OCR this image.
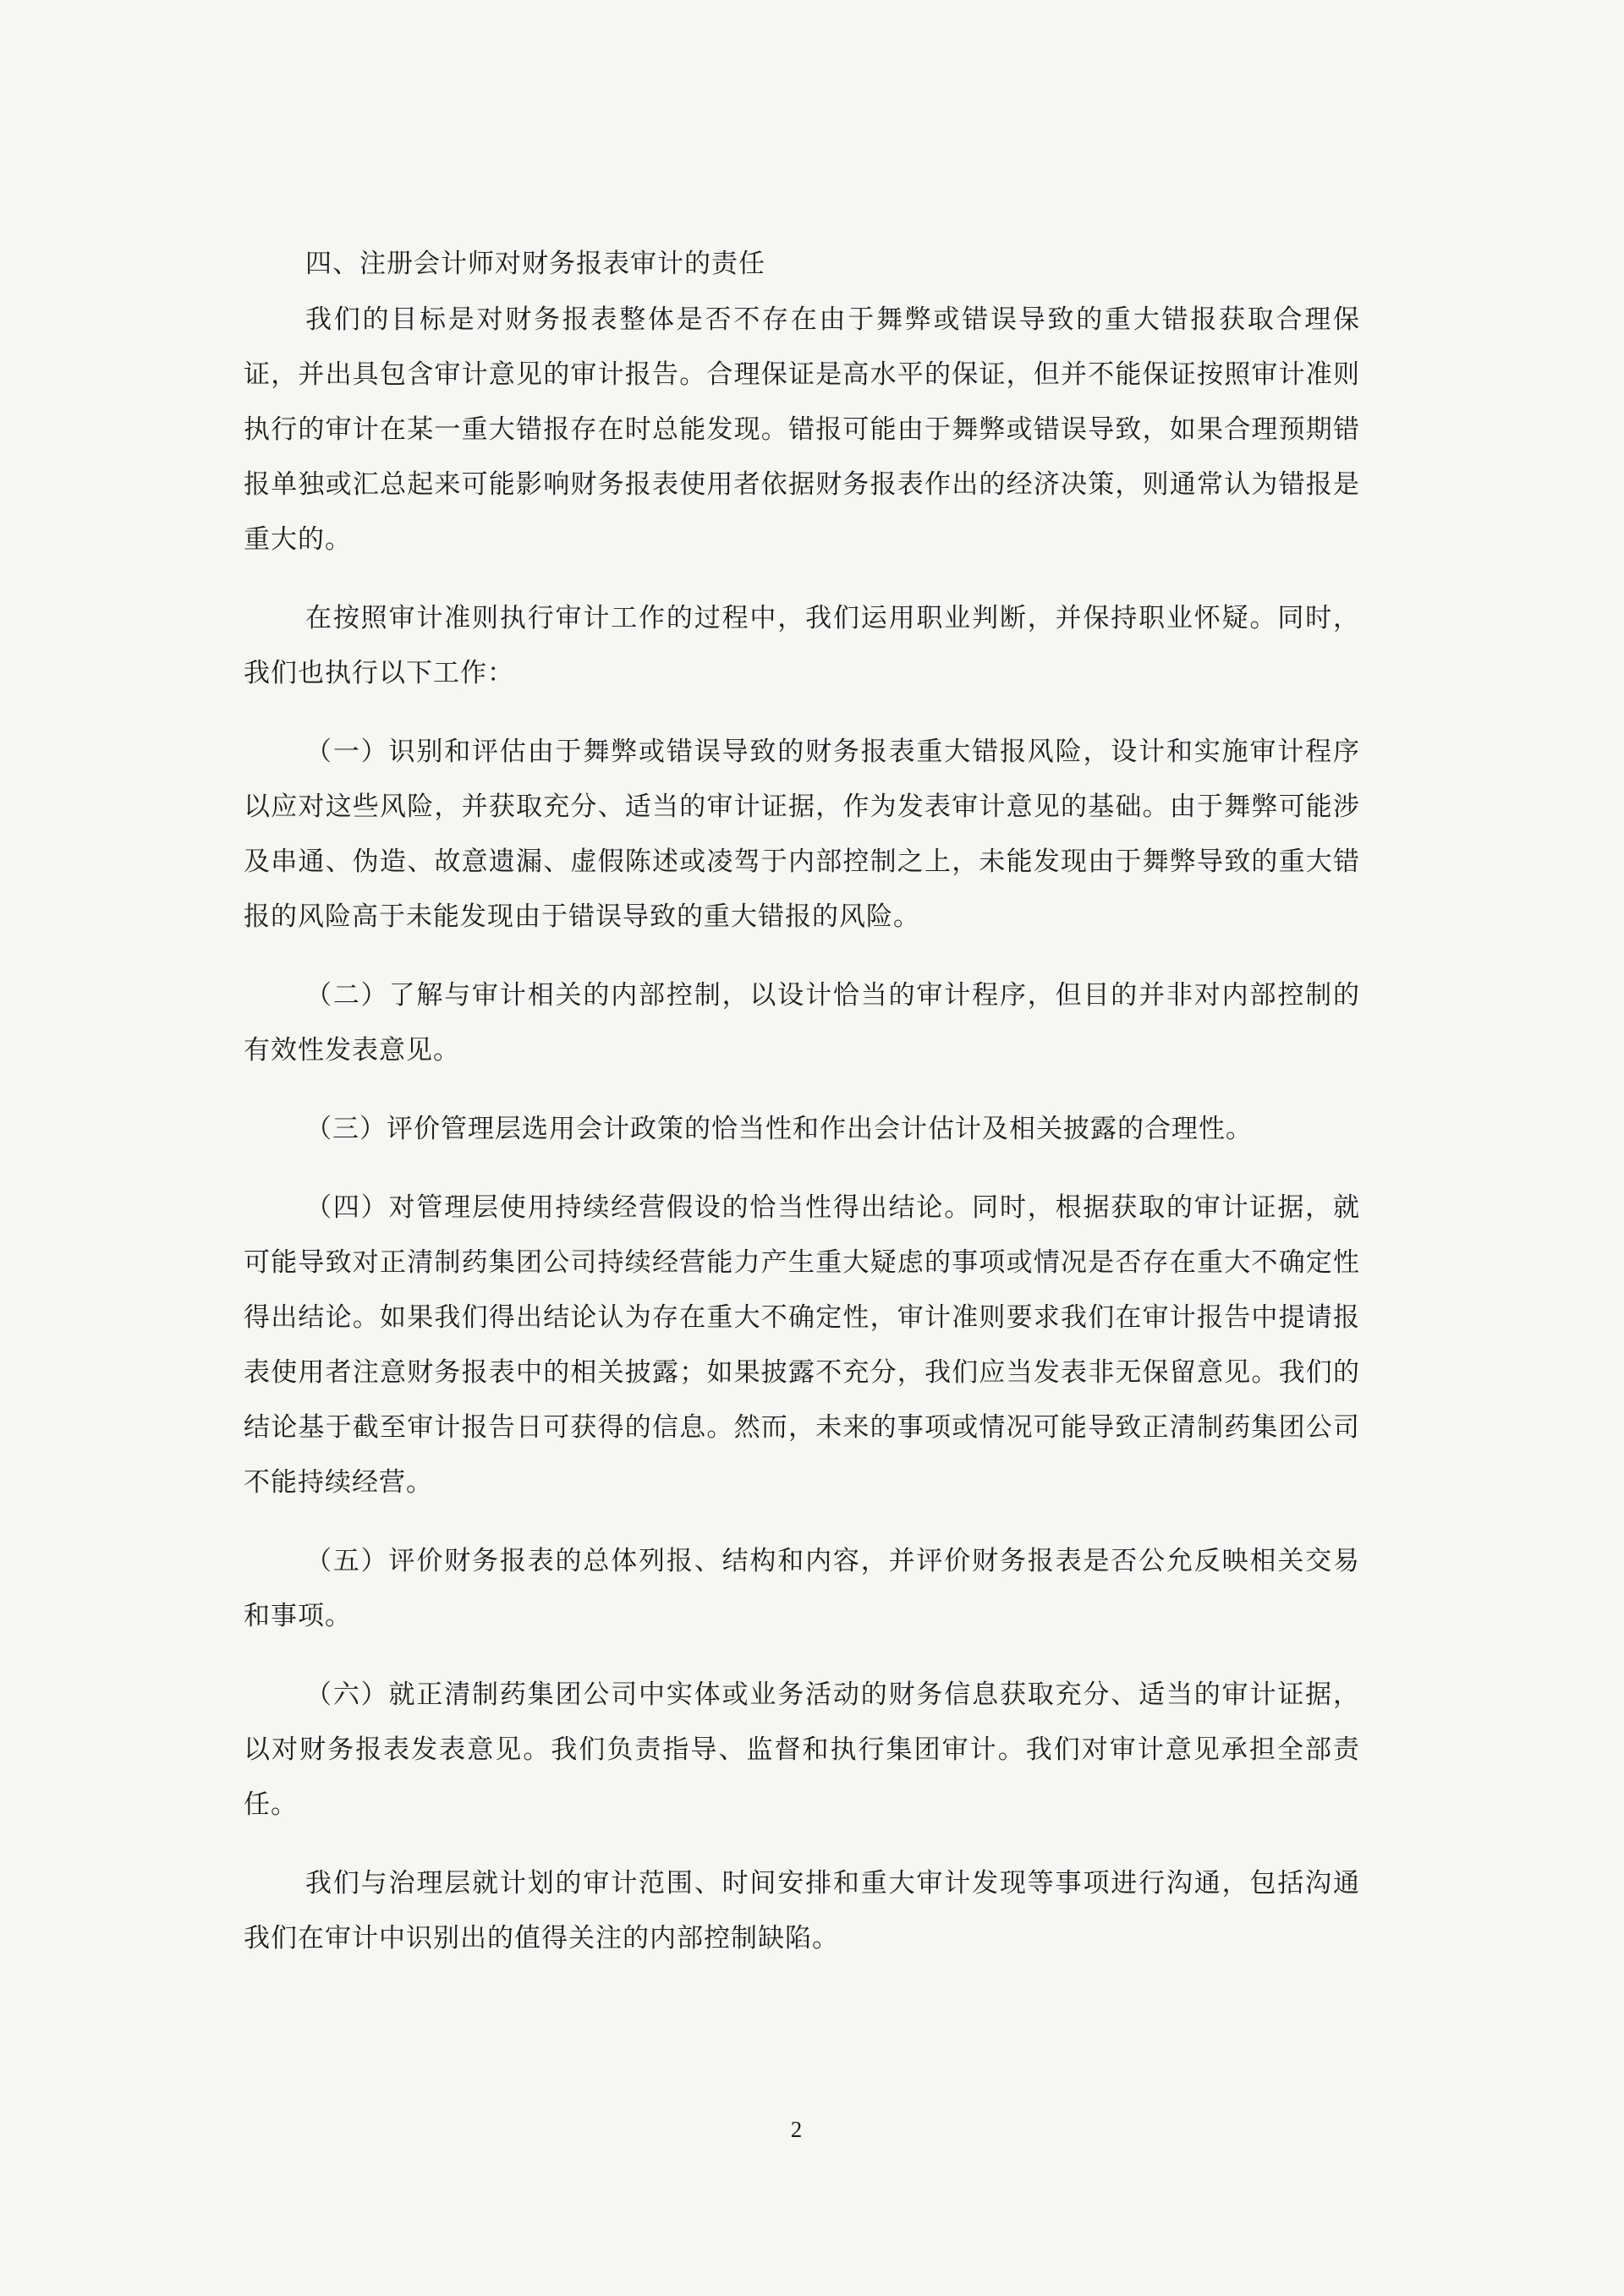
四、注册会计师对财务报表审计的责任

我们的目标是对财务报表整体是否不存在由于舞弊或错误导致的重大错报获取合理保证，并出具包含审计意见的审计报告。合理保证是高水平的保证，但并不能保证按照审计准则执行的审计在某一重大错报存在时总能发现。错报可能由于舞弊或错误导致，如果合理预期错报单独或汇总起来可能影响财务报表使用者依据财务报表作出的经济决策，则通常认为错报是重大的。

在按照审计准则执行审计工作的过程中，我们运用职业判断，并保持职业怀疑。同时，我们也执行以下工作：

（一）识别和评估由于舞弊或错误导致的财务报表重大错报风险，设计和实施审计程序以应对这些风险，并获取充分、适当的审计证据，作为发表审计意见的基础。由于舞弊可能涉及串通、伪造、故意遗漏、虚假陈述或凌驾于内部控制之上，未能发现由于舞弊导致的重大错报的风险高于未能发现由于错误导致的重大错报的风险。

（二）了解与审计相关的内部控制，以设计恰当的审计程序，但目的并非对内部控制的有效性发表意见。

（三）评价管理层选用会计政策的恰当性和作出会计估计及相关披露的合理性。

（四）对管理层使用持续经营假设的恰当性得出结论。同时，根据获取的审计证据，就可能导致对正清制药集团公司持续经营能力产生重大疑虑的事项或情况是否存在重大不确定性得出结论。如果我们得出结论认为存在重大不确定性，审计准则要求我们在审计报告中提请报表使用者注意财务报表中的相关披露；如果披露不充分，我们应当发表非无保留意见。我们的结论基于截至审计报告日可获得的信息。然而，未来的事项或情况可能导致正清制药集团公司不能持续经营。

（五）评价财务报表的总体列报、结构和内容，并评价财务报表是否公允反映相关交易和事项。

（六）就正清制药集团公司中实体或业务活动的财务信息获取充分、适当的审计证据，以对财务报表发表意见。我们负责指导、监督和执行集团审计。我们对审计意见承担全部责任。

我们与治理层就计划的审计范围、时间安排和重大审计发现等事项进行沟通，包括沟通我们在审计中识别出的值得关注的内部控制缺陷。

2
